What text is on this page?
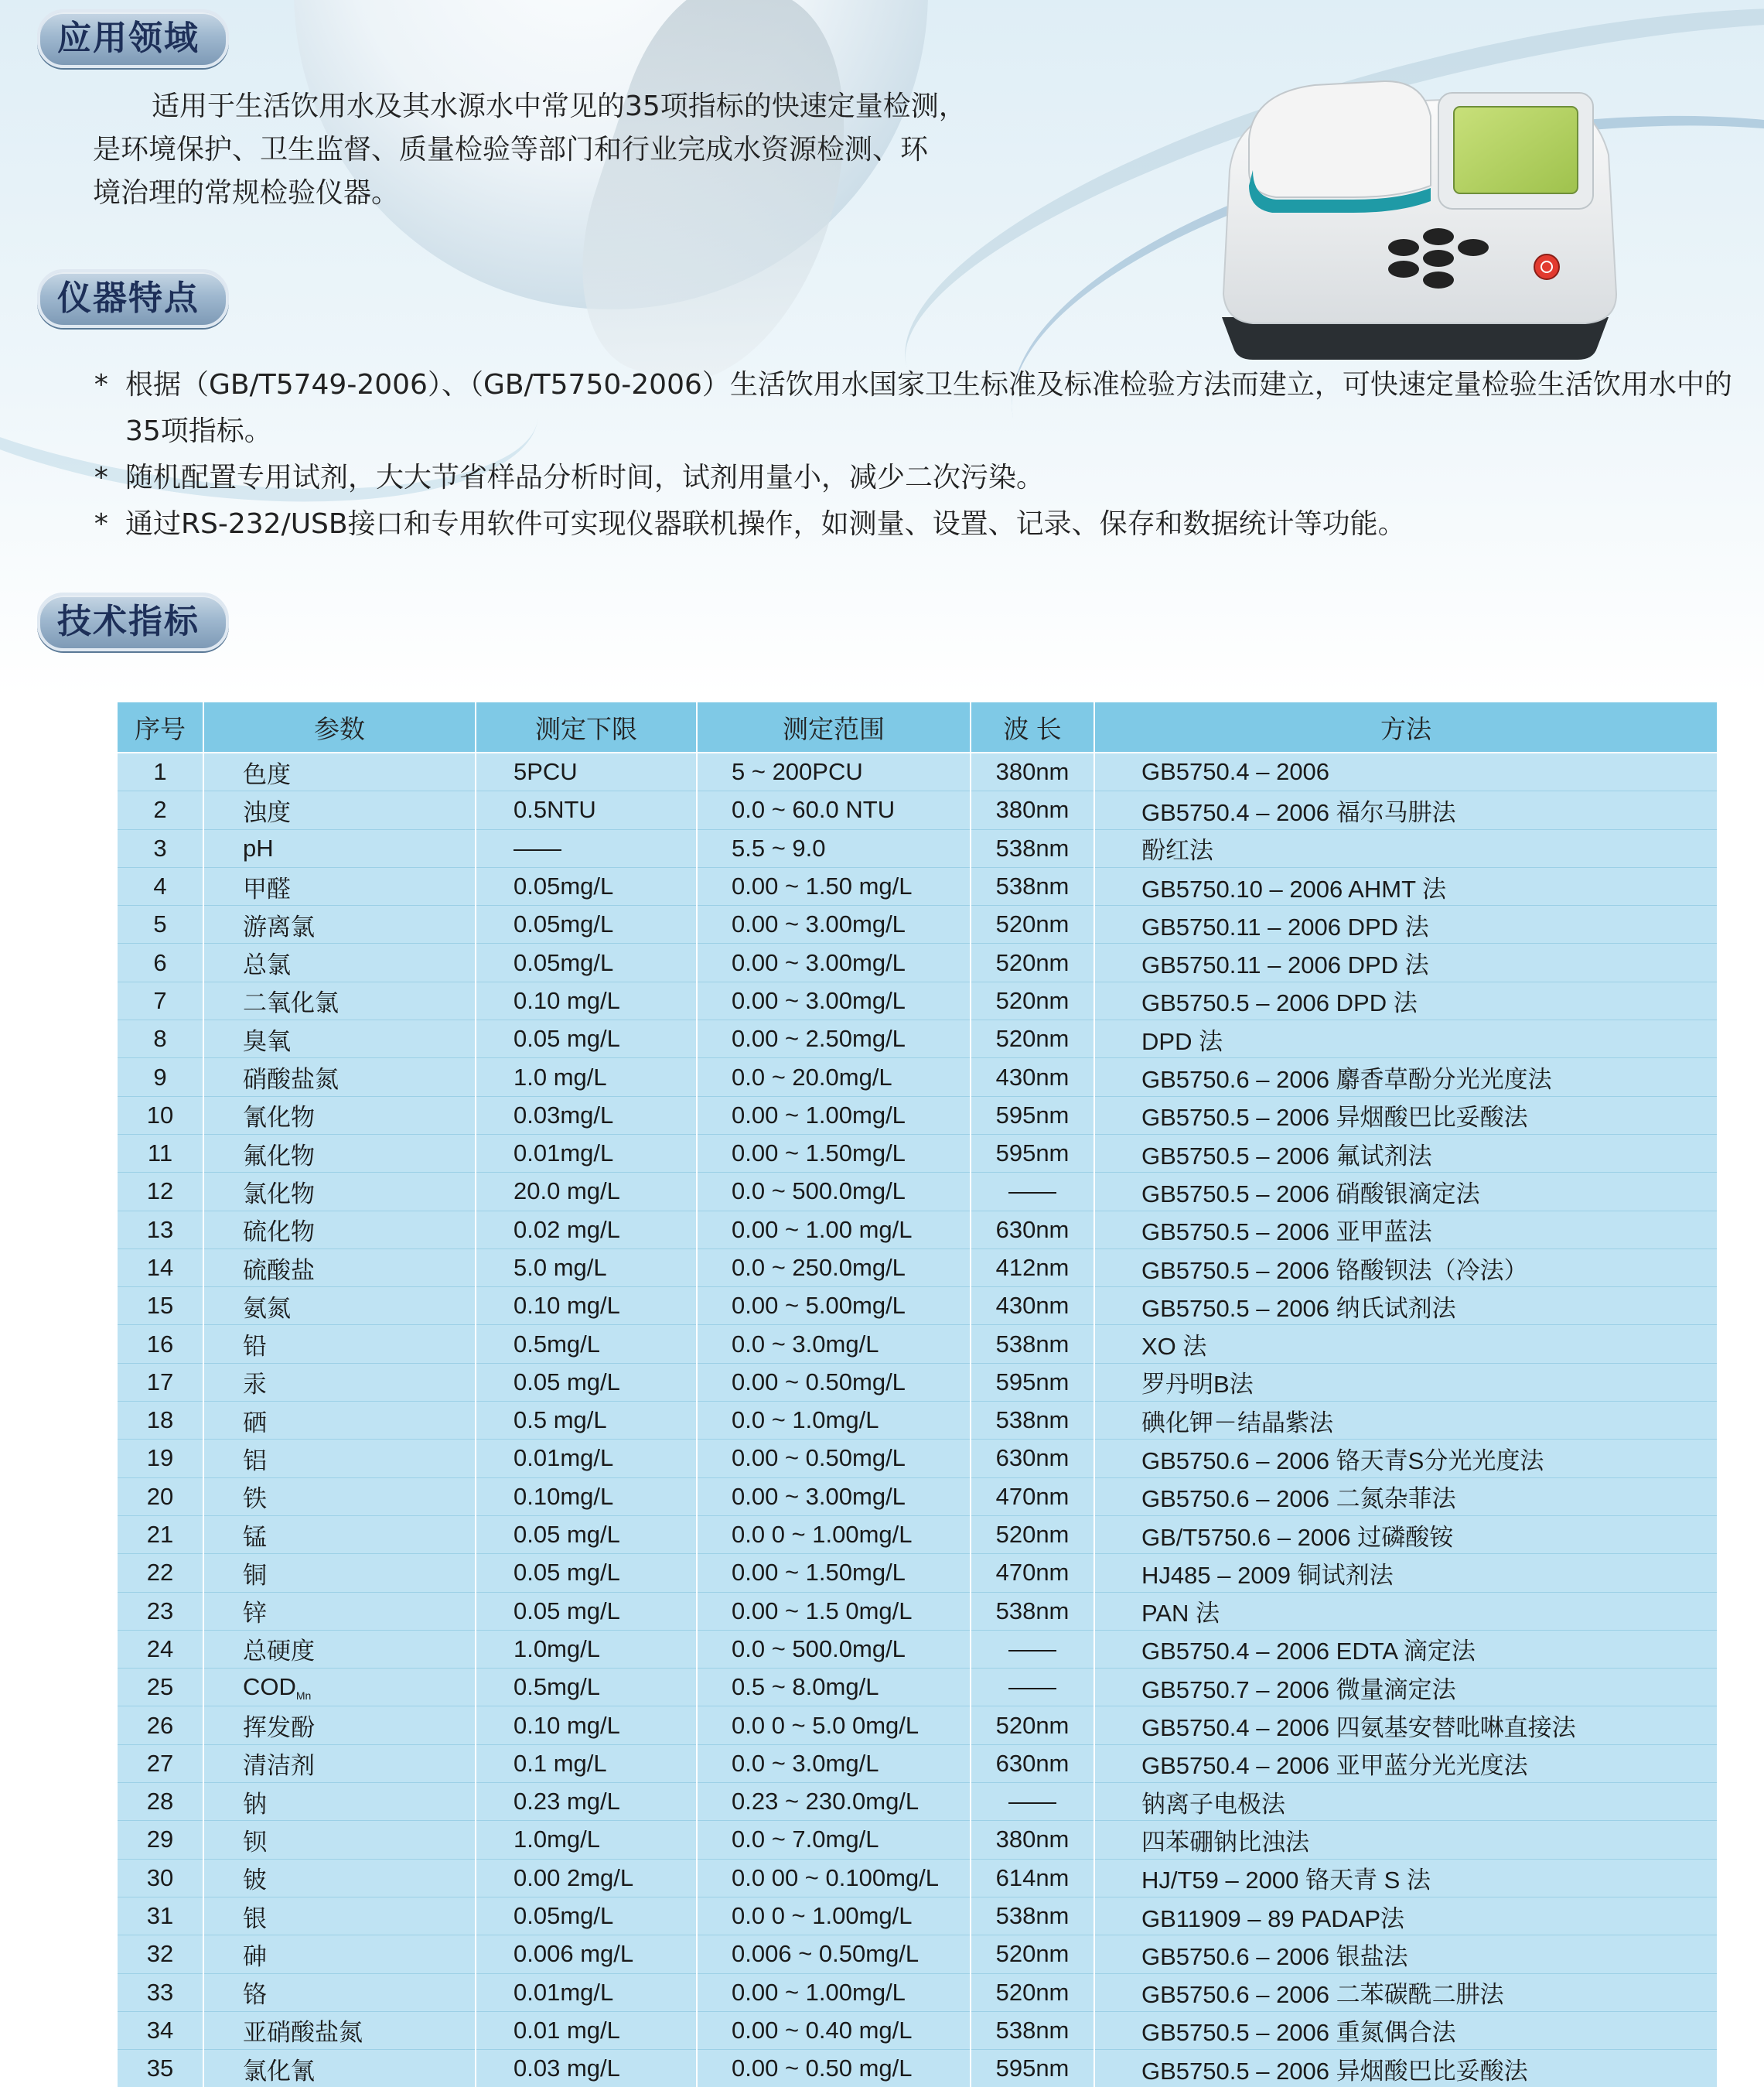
应用领域
适用于生活饮用水及其水源水中常见的35项指标的快速定量检测，
是环境保护、卫生监督、质量检验等部门和行业完成水资源检测、环
境治理的常规检验仪器。
仪器特点
* 根据（GB/T5749-2006）、（GB/T5750-2006）生活饮用水国家卫生标准及标准检验方法而建立，可快速定量检验生活饮用水中的35项指标。
* 随机配置专用试剂，大大节省样品分析时间，试剂用量小，减少二次污染。
* 通过RS-232/USB接口和专用软件可实现仪器联机操作，如测量、设置、记录、保存和数据统计等功能。
技术指标
序号	参数	测定下限	测定范围	波 长	方法
1	色度	5PCU	5 ~ 200PCU	380nm	GB5750.4 – 2006
2	浊度	0.5NTU	0.0 ~ 60.0 NTU	380nm	GB5750.4 – 2006 福尔马肼法
3	pH	——	5.5 ~ 9.0	538nm	酚红法
4	甲醛	0.05mg/L	0.00 ~ 1.50 mg/L	538nm	GB5750.10 – 2006 AHMT 法
5	游离氯	0.05mg/L	0.00 ~ 3.00mg/L	520nm	GB5750.11 – 2006 DPD 法
6	总氯	0.05mg/L	0.00 ~ 3.00mg/L	520nm	GB5750.11 – 2006 DPD 法
7	二氧化氯	0.10 mg/L	0.00 ~ 3.00mg/L	520nm	GB5750.5 – 2006 DPD 法
8	臭氧	0.05 mg/L	0.00 ~ 2.50mg/L	520nm	DPD 法
9	硝酸盐氮	1.0 mg/L	0.0 ~ 20.0mg/L	430nm	GB5750.6 – 2006 麝香草酚分光光度法
10	氰化物	0.03mg/L	0.00 ~ 1.00mg/L	595nm	GB5750.5 – 2006 异烟酸巴比妥酸法
11	氟化物	0.01mg/L	0.00 ~ 1.50mg/L	595nm	GB5750.5 – 2006 氟试剂法
12	氯化物	20.0 mg/L	0.0 ~ 500.0mg/L	——	GB5750.5 – 2006 硝酸银滴定法
13	硫化物	0.02 mg/L	0.00 ~ 1.00 mg/L	630nm	GB5750.5 – 2006 亚甲蓝法
14	硫酸盐	5.0 mg/L	0.0 ~ 250.0mg/L	412nm	GB5750.5 – 2006 铬酸钡法（冷法）
15	氨氮	0.10 mg/L	0.00 ~ 5.00mg/L	430nm	GB5750.5 – 2006 纳氏试剂法
16	铅	0.5mg/L	0.0 ~ 3.0mg/L	538nm	XO 法
17	汞	0.05 mg/L	0.00 ~ 0.50mg/L	595nm	罗丹明B法
18	硒	0.5 mg/L	0.0 ~ 1.0mg/L	538nm	碘化钾－结晶紫法
19	铝	0.01mg/L	0.00 ~ 0.50mg/L	630nm	GB5750.6 – 2006 铬天青S分光光度法
20	铁	0.10mg/L	0.00 ~ 3.00mg/L	470nm	GB5750.6 – 2006 二氮杂菲法
21	锰	0.05 mg/L	0.0 0 ~ 1.00mg/L	520nm	GB/T5750.6 – 2006 过磷酸铵
22	铜	0.05 mg/L	0.00 ~ 1.50mg/L	470nm	HJ485 – 2009 铜试剂法
23	锌	0.05 mg/L	0.00 ~ 1.5 0mg/L	538nm	PAN 法
24	总硬度	1.0mg/L	0.0 ~ 500.0mg/L	——	GB5750.4 – 2006 EDTA 滴定法
25	$COD_{Mn}$	0.5mg/L	0.5 ~ 8.0mg/L	——	GB5750.7 – 2006 微量滴定法
26	挥发酚	0.10 mg/L	0.0 0 ~ 5.0 0mg/L	520nm	GB5750.4 – 2006 四氨基安替吡啉直接法
27	清洁剂	0.1 mg/L	0.0 ~ 3.0mg/L	630nm	GB5750.4 – 2006 亚甲蓝分光光度法
28	钠	0.23 mg/L	0.23 ~ 230.0mg/L	——	钠离子电极法
29	钡	1.0mg/L	0.0 ~ 7.0mg/L	380nm	四苯硼钠比浊法
30	铍	0.00 2mg/L	0.0 00 ~ 0.100mg/L	614nm	HJ/T59 – 2000 铬天青 S 法
31	银	0.05mg/L	0.0 0 ~ 1.00mg/L	538nm	GB11909 – 89 PADAP法
32	砷	0.006 mg/L	0.006 ~ 0.50mg/L	520nm	GB5750.6 – 2006 银盐法
33	铬	0.01mg/L	0.00 ~ 1.00mg/L	520nm	GB5750.6 – 2006 二苯碳酰二肼法
34	亚硝酸盐氮	0.01 mg/L	0.00 ~ 0.40 mg/L	538nm	GB5750.5 – 2006 重氮偶合法
35	氯化氰	0.03 mg/L	0.00 ~ 0.50 mg/L	595nm	GB5750.5 – 2006 异烟酸巴比妥酸法
